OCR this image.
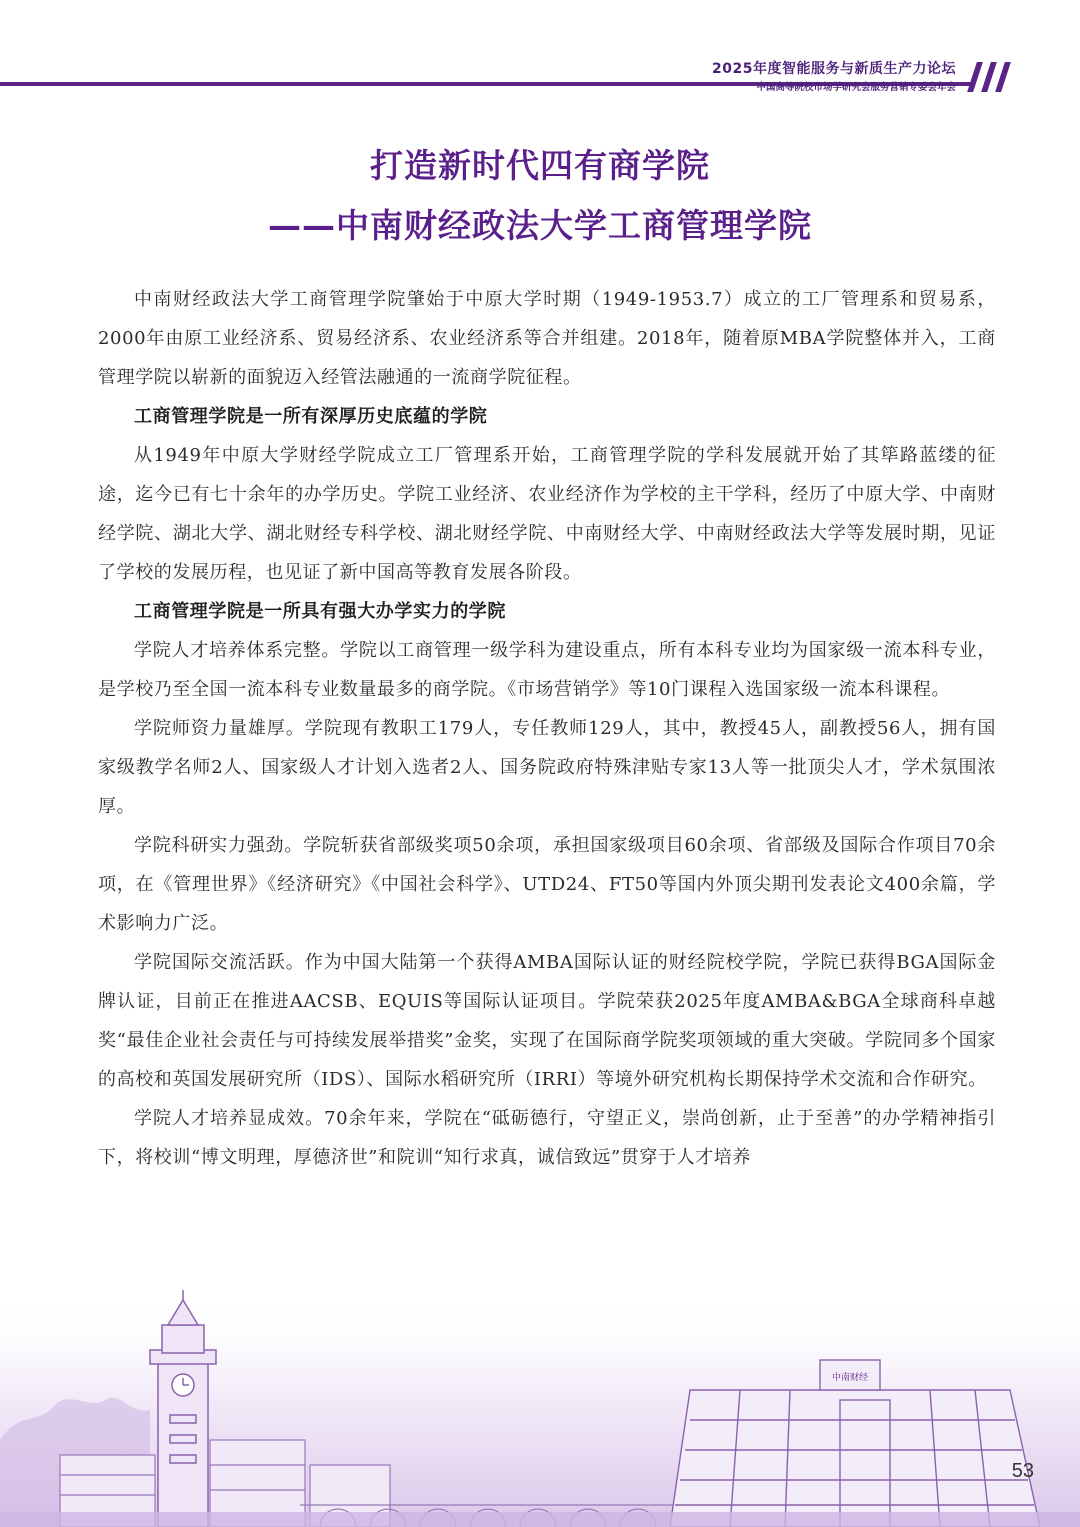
2025年度智能服务与新质生产力论坛
中国高等院校市场学研究会服务营销专委会年会
打造新时代四有商学院
——中南财经政法大学工商管理学院

中南财经政法大学工商管理学院肇始于中原大学时期（1949-1953.7）成立的工厂管理系和贸易系，2000年由原工业经济系、贸易经济系、农业经济系等合并组建。2018年，随着原MBA学院整体并入，工商管理学院以崭新的面貌迈入经管法融通的一流商学院征程。

工商管理学院是一所有深厚历史底蕴的学院

从1949年中原大学财经学院成立工厂管理系开始，工商管理学院的学科发展就开始了其筚路蓝缕的征途，迄今已有七十余年的办学历史。学院工业经济、农业经济作为学校的主干学科，经历了中原大学、中南财经学院、湖北大学、湖北财经专科学校、湖北财经学院、中南财经大学、中南财经政法大学等发展时期，见证了学校的发展历程，也见证了新中国高等教育发展各阶段。

工商管理学院是一所具有强大办学实力的学院

学院人才培养体系完整。学院以工商管理一级学科为建设重点，所有本科专业均为国家级一流本科专业，是学校乃至全国一流本科专业数量最多的商学院。《市场营销学》等10门课程入选国家级一流本科课程。

学院师资力量雄厚。学院现有教职工179人，专任教师129人，其中，教授45人，副教授56人，拥有国家级教学名师2人、国家级人才计划入选者2人、国务院政府特殊津贴专家13人等一批顶尖人才，学术氛围浓厚。

学院科研实力强劲。学院斩获省部级奖项50余项，承担国家级项目60余项、省部级及国际合作项目70余项，在《管理世界》《经济研究》《中国社会科学》、UTD24、FT50等国内外顶尖期刊发表论文400余篇，学术影响力广泛。

学院国际交流活跃。作为中国大陆第一个获得AMBA国际认证的财经院校学院，学院已获得BGA国际金牌认证，目前正在推进AACSB、EQUIS等国际认证项目。学院荣获2025年度AMBA&BGA全球商科卓越奖“最佳企业社会责任与可持续发展举措奖”金奖，实现了在国际商学院奖项领域的重大突破。学院同多个国家的高校和英国发展研究所（IDS）、国际水稻研究所（IRRI）等境外研究机构长期保持学术交流和合作研究。

学院人才培养显成效。70余年来，学院在“砥砺德行，守望正义，崇尚创新，止于至善”的办学精神指引下，将校训“博文明理，厚德济世”和院训“知行求真，诚信致远”贯穿于人才培养

中南财经
53
